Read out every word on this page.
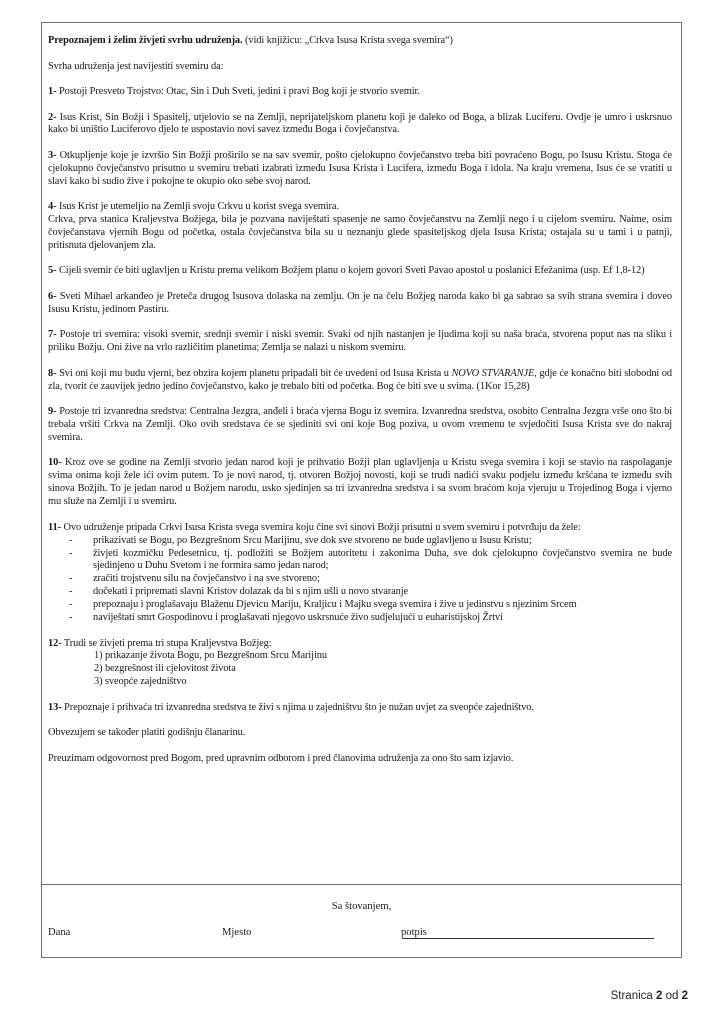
Prepoznajem i želim živjeti svrhu udruženja. (vidi knjižicu: „Crkva Isusa Krista svega svemira“)

Svrha udruženja jest navijestiti svemiru da:

1- Postoji Presveto Trojstvo: Otac, Sin i Duh Sveti, jedini i pravi Bog koji je stvorio svemir.

2- Isus Krist, Sin Božji i Spasitelj, utjelovio se na Zemlji, neprijateljskom planetu koji je daleko od Boga, a blizak Luciferu. Ovdje je umro i uskrsnuo kako bi uništio Luciferovo djelo te uspostavio novi savez između Boga i čovječanstva.

3- Otkupljenje koje je izvršio Sin Božji proširilo se na sav svemir, pošto cjelokupno čovječanstvo treba biti povraćeno Bogu, po Isusu Kristu. Stoga će cjelokupno čovječanstvo prisutno u svemiru trebati izabrati između Isusa Krista i Lucifera, između Boga i idola. Na kraju vremena, Isus će se vratiti u slavi kako bi sudio žive i pokojne te okupio oko sebe svoj narod.

4- Isus Krist je utemeljio na Zemlji svoju Crkvu u korist svega svemira.
Crkva, prva stanica Kraljevstva Božjega, bila je pozvana naviještati spasenje ne samo čovječanstvu na Zemlji nego i u cijelom svemiru. Naime, osim čovječanstava vjernih Bogu od početka, ostala čovječanstva bila su u neznanju glede spasiteljskog djela Isusa Krista; ostajala su u tami i u patnji, pritisnuta djelovanjem zla.

5- Cijeli svemir će biti uglavljen u Kristu prema velikom Božjem planu o kojem govori Sveti Pavao apostol u poslanici Efežanima (usp. Ef 1,8-12)

6- Sveti Mihael arkanđeo je Preteča drugog Isusova dolaska na zemlju. On je na čelu Božjeg naroda kako bi ga sabrao sa svih strana svemira i doveo Isusu Kristu, jedinom Pastiru.

7- Postoje tri svemira: visoki svemir, srednji svemir i niski svemir. Svaki od njih nastanjen je ljudima koji su naša braća, stvorena poput nas na sliku i priliku Božju. Oni žive na vrlo različitim planetima; Zemlja se nalazi u niskom svemiru.

8- Svi oni koji mu budu vjerni, bez obzira kojem planetu pripadali bit će uvedeni od Isusa Krista u NOVO STVARANJE, gdje će konačno biti slobodni od zla, tvorit će zauvijek jedno jedino čovječanstvo, kako je trebalo biti od početka. Bog će biti sve u svima. (1Kor 15,28)

9- Postoje tri izvanredna sredstva: Centralna Jezgra, anđeli i braća vjerna Bogu iz svemira. Izvanredna sredstva, osobito Centralna Jezgra vrše ono što bi trebala vršiti Crkva na Zemlji. Oko ovih sredstava će se sjediniti svi oni koje Bog poziva, u ovom vremenu te svjedočiti Isusa Krista sve do nakraj svemira.

10- Kroz ove se godine na Zemlji stvorio jedan narod koji je prihvatio Božji plan uglavljenja u Kristu svega svemira i koji se stavio na raspolaganje svima onima koji žele ići ovim putem. To je novi narod, tj. otvoren Božjoj novosti, koji se trudi nadići svaku podjelu između kršćana te između svih sinova Božjih. To je jedan narod u Božjem narodu, usko sjedinjen sa tri izvanredna sredstva i sa svom braćom koja vjeruju u Trojedinog Boga i vjerno mu služe na Zemlji i u svemiru.

11- Ovo udruženje pripada Crkvi Isusa Krista svega svemira koju čine svi sinovi Božji prisutni u svem svemiru i potvrđuju da žele:

- prikazivati se Bogu, po Bezgrešnom Srcu Marijinu, sve dok sve stvoreno ne bude uglavljeno u Isusu Kristu;
- živjeti kozmičku Pedesetnicu, tj. podložiti se Božjem autoritetu i zakonima Duha, sve dok cjelokupno čovječanstvo svemira ne bude sjedinjeno u Duhu Svetom i ne formira samo jedan narod;
- zračiti trojstvenu silu na čovječanstvo i na sve stvoreno;
- dočekati i pripremati slavni Kristov dolazak da bi s njim ušli u novo stvaranje
- prepoznaju i proglašavaju Blaženu Djevicu Mariju, Kraljicu i Majku svega svemira i žive u jedinstvu s njezinim Srcem
- naviještati smrt Gospodinovu i proglašavati njegovo uskrsnuće živo sudjelujući u euharistijskoj Žrtvi

12- Trudi se živjeti prema tri stupa Kraljevstva Božjeg:

1) prikazanje života Bogu, po Bezgrešnom Srcu Marijinu
2) bezgrešnost ili cjelovitost života
3) sveopće zajedništvo

13- Prepoznaje i prihvaća tri izvanredna sredstva te živi s njima u zajedništvu što je nužan uvjet za sveopće zajedništvo.

Obvezujem se također platiti godišnju članarinu.

Preuzimam odgovornost pred Bogom, pred upravnim odborom i pred članovima udruženja za ono što sam izjavio.

Sa štovanjem,
Dana	Mjesto	potpis
Stranica 2 od 2
